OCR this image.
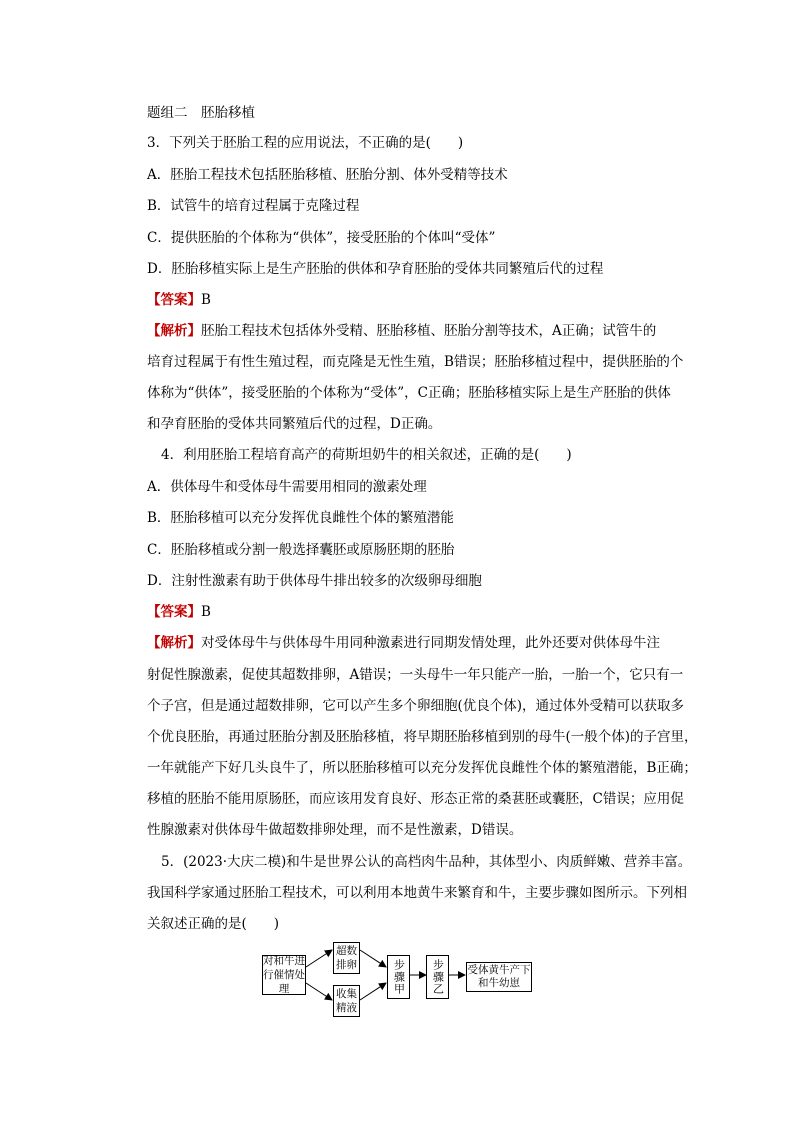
题组二　 胚胎移植
3．下列关于胚胎工程的应用说法，不正确的是(　　)
A．胚胎工程技术包括胚胎移植、胚胎分割、体外受精等技术
B．试管牛的培育过程属于克隆过程
C．提供胚胎的个体称为“供体”，接受胚胎的个体叫“受体”
D．胚胎移植实际上是生产胚胎的供体和孕育胚胎的受体共同繁殖后代的过程
【答案】B
【解析】胚胎工程技术包括体外受精、胚胎移植、胚胎分割等技术，A正确；试管牛的
培育过程属于有性生殖过程，而克隆是无性生殖，B错误；胚胎移植过程中，提供胚胎的个
体称为“供体”，接受胚胎的个体称为“受体”，C正确；胚胎移植实际上是生产胚胎的供体
和孕育胚胎的受体共同繁殖后代的过程，D正确。
4．利用胚胎工程培育高产的荷斯坦奶牛的相关叙述，正确的是(　　)
A．供体母牛和受体母牛需要用相同的激素处理
B．胚胎移植可以充分发挥优良雌性个体的繁殖潜能
C．胚胎移植或分割一般选择囊胚或原肠胚期的胚胎
D．注射性激素有助于供体母牛排出较多的次级卵母细胞
【答案】B
【解析】对受体母牛与供体母牛用同种激素进行同期发情处理，此外还要对供体母牛注
射促性腺激素，促使其超数排卵，A错误；一头母牛一年只能产一胎，一胎一个，它只有一
个子宫，但是通过超数排卵，它可以产生多个卵细胞(优良个体)，通过体外受精可以获取多
个优良胚胎，再通过胚胎分割及胚胎移植，将早期胚胎移植到别的母牛(一般个体)的子宫里，
一年就能产下好几头良牛了，所以胚胎移植可以充分发挥优良雌性个体的繁殖潜能，B正确；
移植的胚胎不能用原肠胚，而应该用发育良好、形态正常的桑葚胚或囊胚，C错误；应用促
性腺激素对供体母牛做超数排卵处理，而不是性激素，D错误。
5．(2023·大庆二模)和牛是世界公认的高档肉牛品种，其体型小、肉质鲜嫩、营养丰富。
我国科学家通过胚胎工程技术，可以利用本地黄牛来繁育和牛，主要步骤如图所示。下列相
关叙述正确的是(　　)
对和牛进行催情处理
超数排卵
收集精液
步骤甲	步骤乙	受体黄牛产下和牛幼崽
